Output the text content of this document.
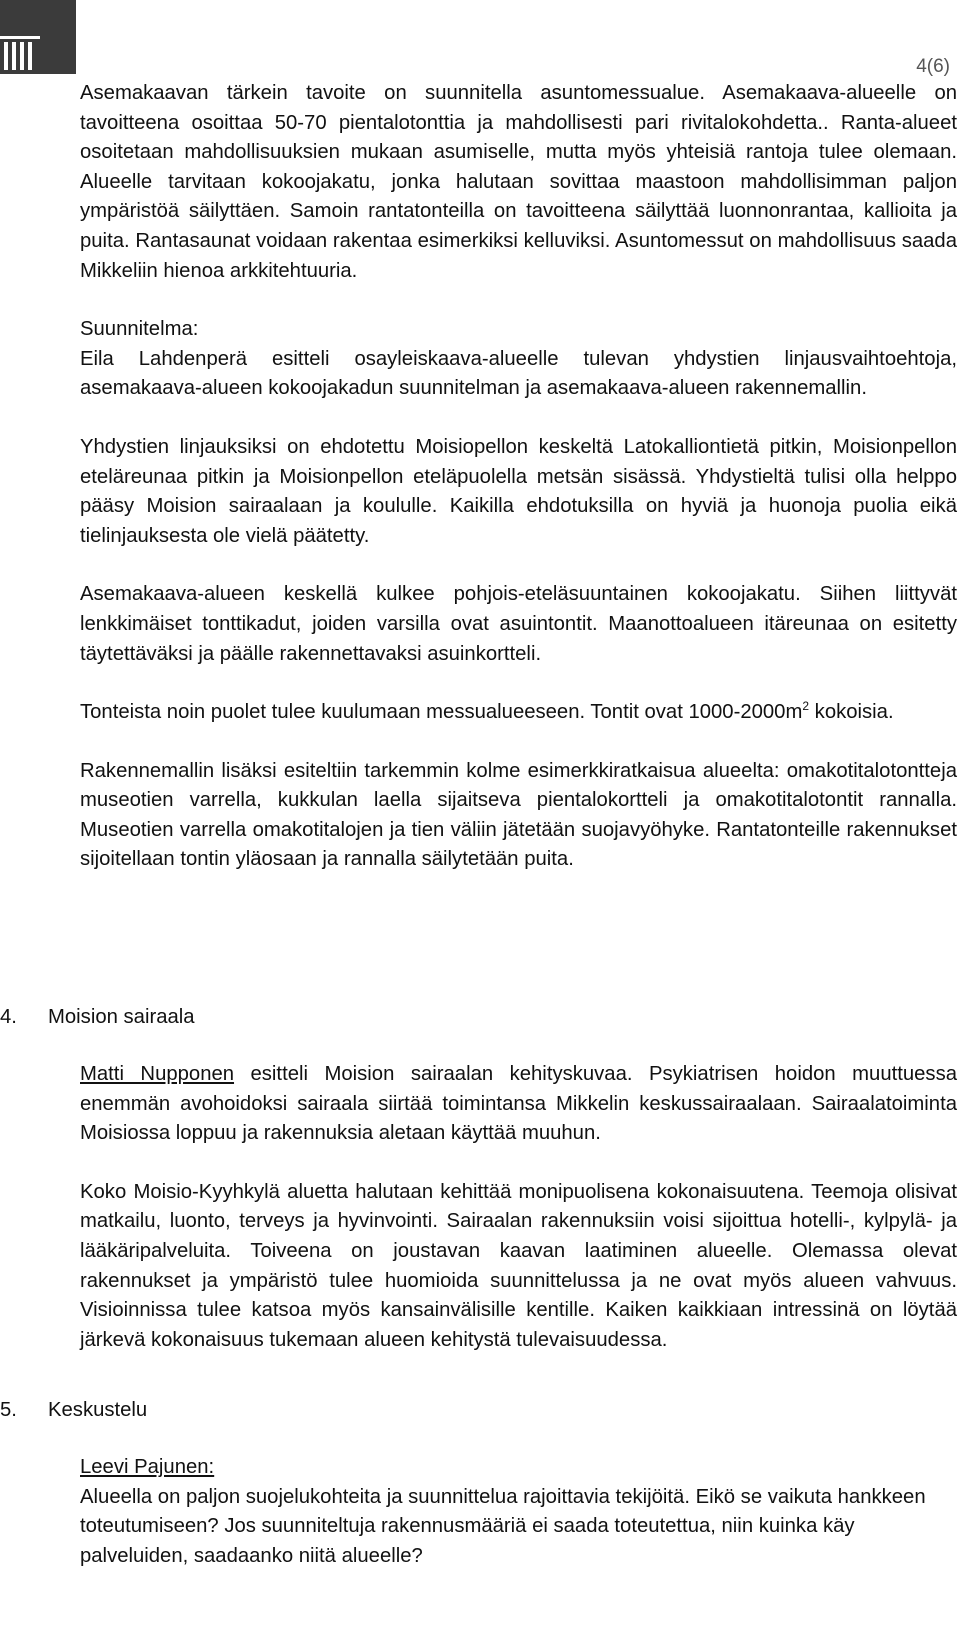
4(6)

Asemakaavan tärkein tavoite on suunnitella asuntomessualue. Asemakaava-alueelle on tavoitteena osoittaa 50-70 pientalotonttia ja mahdollisesti pari rivitalokohdetta.. Ranta-alueet osoitetaan mahdollisuuksien mukaan asumiselle, mutta myös yhteisiä rantoja tulee olemaan. Alueelle tarvitaan kokoojakatu, jonka halutaan sovittaa maastoon mahdollisimman paljon ympäristöä säilyttäen. Samoin rantatonteilla on tavoitteena säilyttää luonnonrantaa, kallioita ja puita. Rantasaunat voidaan rakentaa esimerkiksi kelluviksi. Asuntomessut on mahdollisuus saada Mikkeliin hienoa arkkitehtuuria.

Suunnitelma:

Eila Lahdenperä esitteli osayleiskaava-alueelle tulevan yhdystien linjausvaihtoehtoja, asemakaava-alueen kokoojakadun suunnitelman ja asemakaava-alueen rakennemallin.

Yhdystien linjauksiksi on ehdotettu Moisiopellon keskeltä Latokalliontietä pitkin, Moisionpellon eteläreunaa pitkin ja Moisionpellon eteläpuolella metsän sisässä. Yhdystieltä tulisi olla helppo pääsy Moision sairaalaan ja koululle. Kaikilla ehdotuksilla on hyviä ja huonoja puolia eikä tielinjauksesta ole vielä päätetty.

Asemakaava-alueen keskellä kulkee pohjois-eteläsuuntainen kokoojakatu. Siihen liittyvät lenkkimäiset tonttikadut, joiden varsilla ovat asuintontit. Maanottoalueen itäreunaa on esitetty täytettäväksi ja päälle rakennettavaksi asuinkortteli.

Tonteista noin puolet tulee kuulumaan messualueeseen. Tontit ovat $1000-2000m^2$ kokoisia.

Rakennemallin lisäksi esiteltiin tarkemmin kolme esimerkkiratkaisua alueelta: omakotitalotontteja museotien varrella, kukkulan laella sijaitseva pientalokortteli ja omakotitalotontit rannalla. Museotien varrella omakotitalojen ja tien väliin jätetään suojavyöhyke. Rantatonteille rakennukset sijoitellaan tontin yläosaan ja rannalla säilytetään puita.

4. Moision sairaala

Matti Nupponen esitteli Moision sairaalan kehityskuvaa. Psykiatrisen hoidon muuttuessa enemmän avohoidoksi sairaala siirtää toimintansa Mikkelin keskussairaalaan. Sairaalatoiminta Moisiossa loppuu ja rakennuksia aletaan käyttää muuhun.

Koko Moisio-Kyyhkylä aluetta halutaan kehittää monipuolisena kokonaisuutena. Teemoja olisivat matkailu, luonto, terveys ja hyvinvointi. Sairaalan rakennuksiin voisi sijoittua hotelli-, kylpylä- ja lääkäripalveluita. Toiveena on joustavan kaavan laatiminen alueelle. Olemassa olevat rakennukset ja ympäristö tulee huomioida suunnittelussa ja ne ovat myös alueen vahvuus. Visioinnissa tulee katsoa myös kansainvälisille kentille. Kaiken kaikkiaan intressinä on löytää järkevä kokonaisuus tukemaan alueen kehitystä tulevaisuudessa.

5. Keskustelu
Leevi Pajunen:

Alueella on paljon suojelukohteita ja suunnittelua rajoittavia tekijöitä. Eikö se vaikuta hankkeen toteutumiseen? Jos suunniteltuja rakennusmääriä ei saada toteutettua, niin kuinka käy palveluiden, saadaanko niitä alueelle?
